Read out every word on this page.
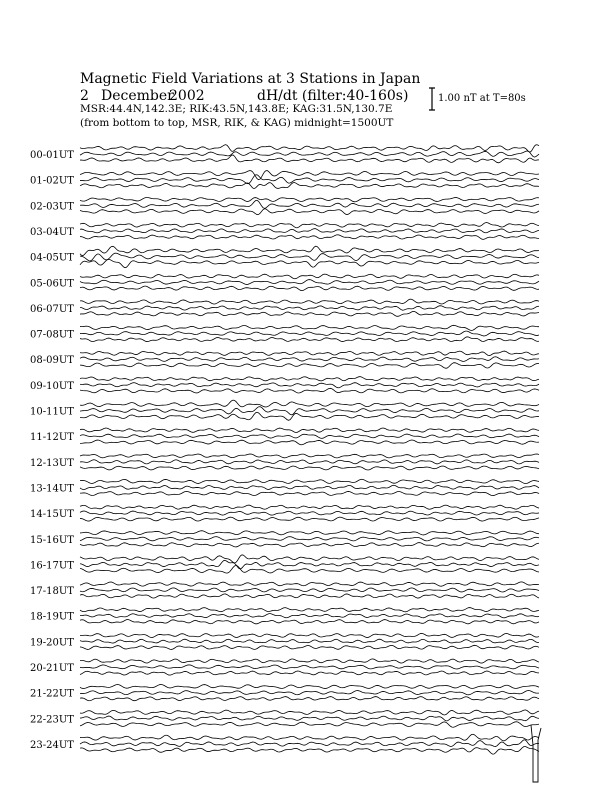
Magnetic Field Variations at 3 Stations in Japan
2 December
2002	dH/dt (filter:40-160s)
MSR:44.4N,142.3E; RIK:43.5N,143.8E; KAG:31.5N,130.7E
(from bottom to top, MSR, RIK, & KAG) midnight=1500UT
1.00 nT at T=80s
00-01UT
01-02UT
02-03UT
03-04UT
04-05UT
05-06UT
06-07UT
07-08UT
08-09UT
09-10UT
10-11UT
11-12UT
12-13UT
13-14UT
14-15UT
15-16UT
16-17UT
17-18UT
18-19UT
19-20UT
20-21UT
21-22UT
22-23UT
23-24UT
